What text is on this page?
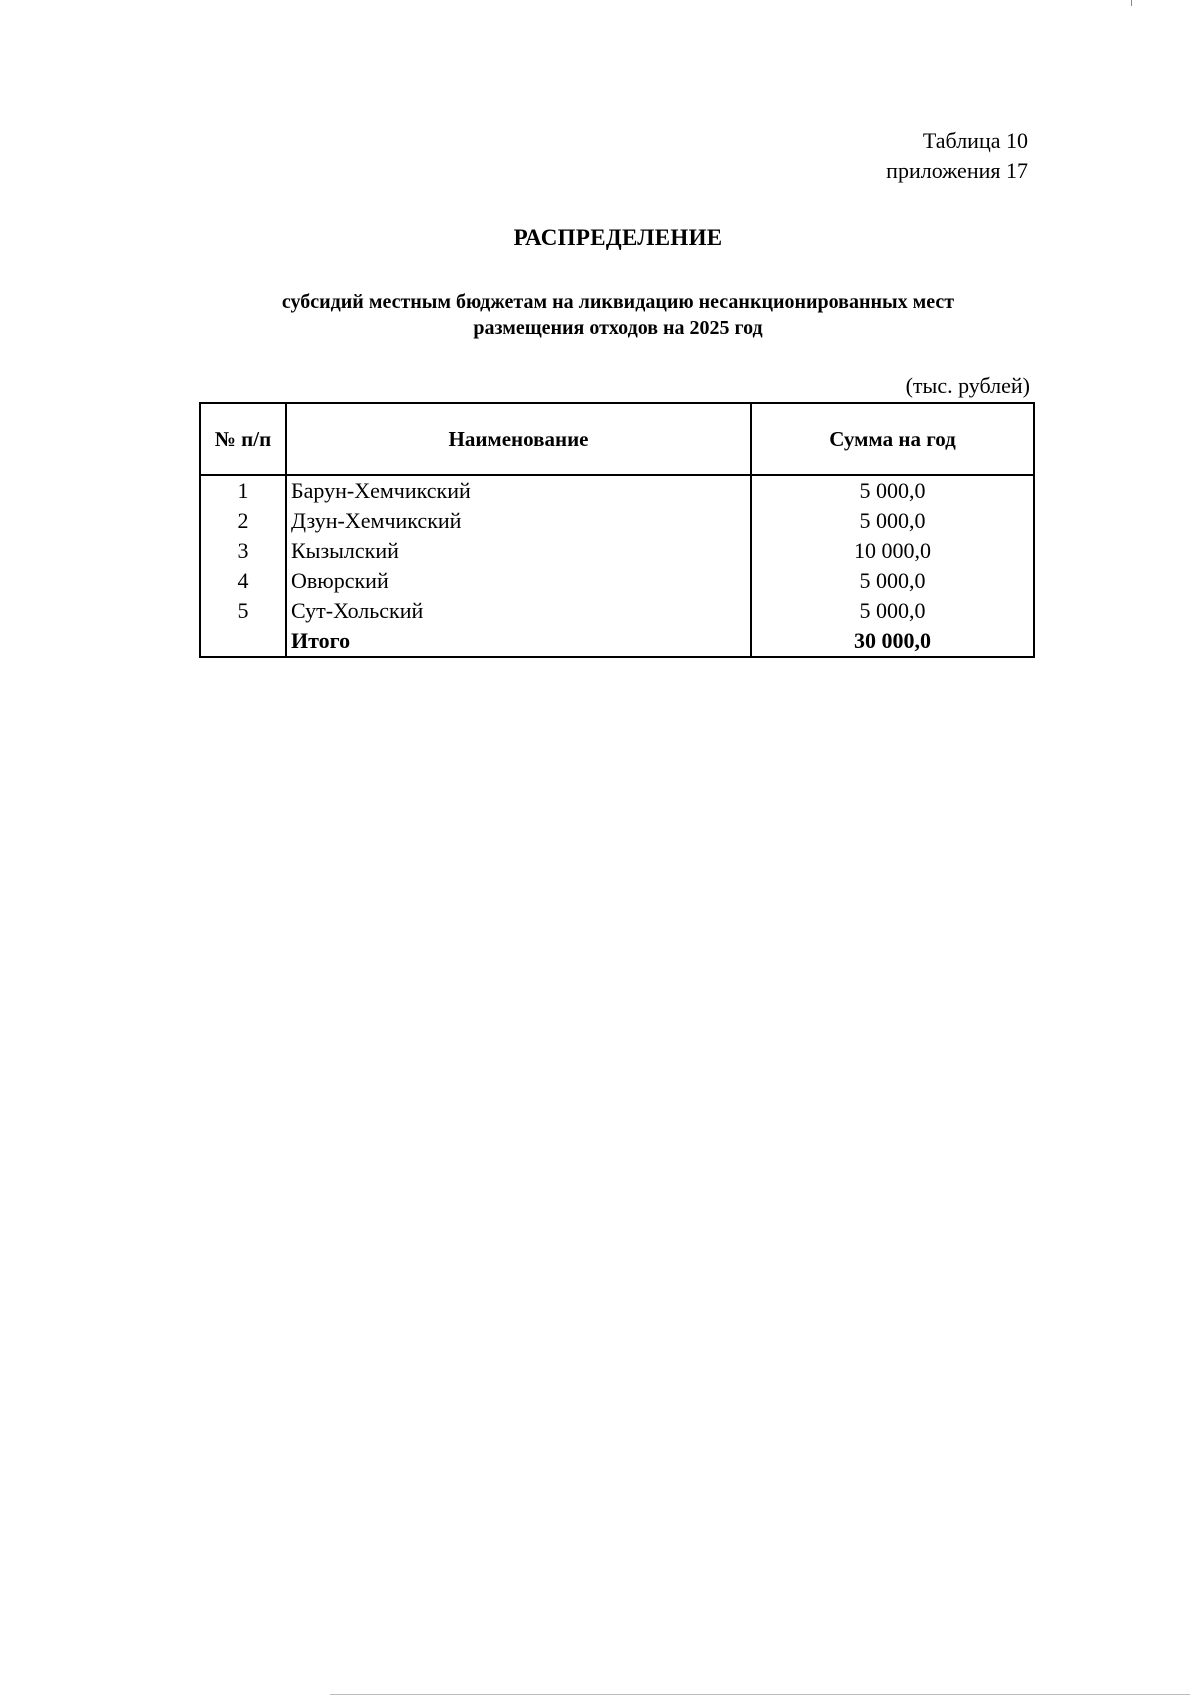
Таблица 10
приложения 17
РАСПРЕДЕЛЕНИЕ
субсидий местным бюджетам на ликвидацию несанкционированных мест
размещения отходов на 2025 год
(тыс. рублей)
№ п/п	Наименование	Сумма на год
1	Барун-Хемчикский	5 000,0
2	Дзун-Хемчикский	5 000,0
3	Кызылский	10 000,0
4	Овюрский	5 000,0
5	Сут-Хольский	5 000,0
	Итого	30 000,0
